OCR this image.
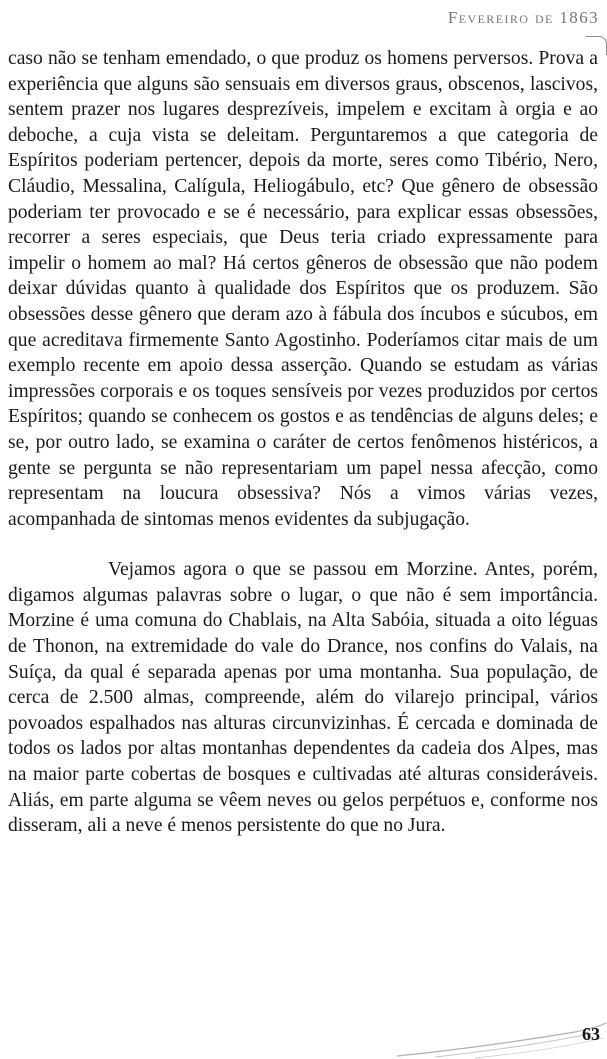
Fevereiro de 1863

caso não se tenham emendado, o que produz os homens perversos. Prova a experiência que alguns são sensuais em diversos graus, obscenos, lascivos, sentem prazer nos lugares desprezíveis, impelem e excitam à orgia e ao deboche, a cuja vista se deleitam. Perguntaremos a que categoria de Espíritos poderiam pertencer, depois da morte, seres como Tibério, Nero, Cláudio, Messalina, Calígula, Heliogábulo, etc? Que gênero de obsessão poderiam ter provocado e se é necessário, para explicar essas obsessões, recorrer a seres especiais, que Deus teria criado expressamente para impelir o homem ao mal? Há certos gêneros de obsessão que não podem deixar dúvidas quanto à qualidade dos Espíritos que os produzem. São obsessões desse gênero que deram azo à fábula dos íncubos e súcubos, em que acreditava firmemente Santo Agostinho. Poderíamos citar mais de um exemplo recente em apoio dessa asserção. Quando se estudam as várias impressões corporais e os toques sensíveis por vezes produzidos por certos Espíritos; quando se conhecem os gostos e as tendências de alguns deles; e se, por outro lado, se examina o caráter de certos fenômenos histéricos, a gente se pergunta se não representariam um papel nessa afecção, como representam na loucura obsessiva? Nós a vimos várias vezes, acompanhada de sintomas menos evidentes da subjugação.

Vejamos agora o que se passou em Morzine. Antes, porém, digamos algumas palavras sobre o lugar, o que não é sem importância. Morzine é uma comuna do Chablais, na Alta Sabóia, situada a oito léguas de Thonon, na extremidade do vale do Drance, nos confins do Valais, na Suíça, da qual é separada apenas por uma montanha. Sua população, de cerca de 2.500 almas, compreende, além do vilarejo principal, vários povoados espalhados nas alturas circunvizinhas. É cercada e dominada de todos os lados por altas montanhas dependentes da cadeia dos Alpes, mas na maior parte cobertas de bosques e cultivadas até alturas consideráveis. Aliás, em parte alguma se vêem neves ou gelos perpétuos e, conforme nos disseram, ali a neve é menos persistente do que no Jura.

63
